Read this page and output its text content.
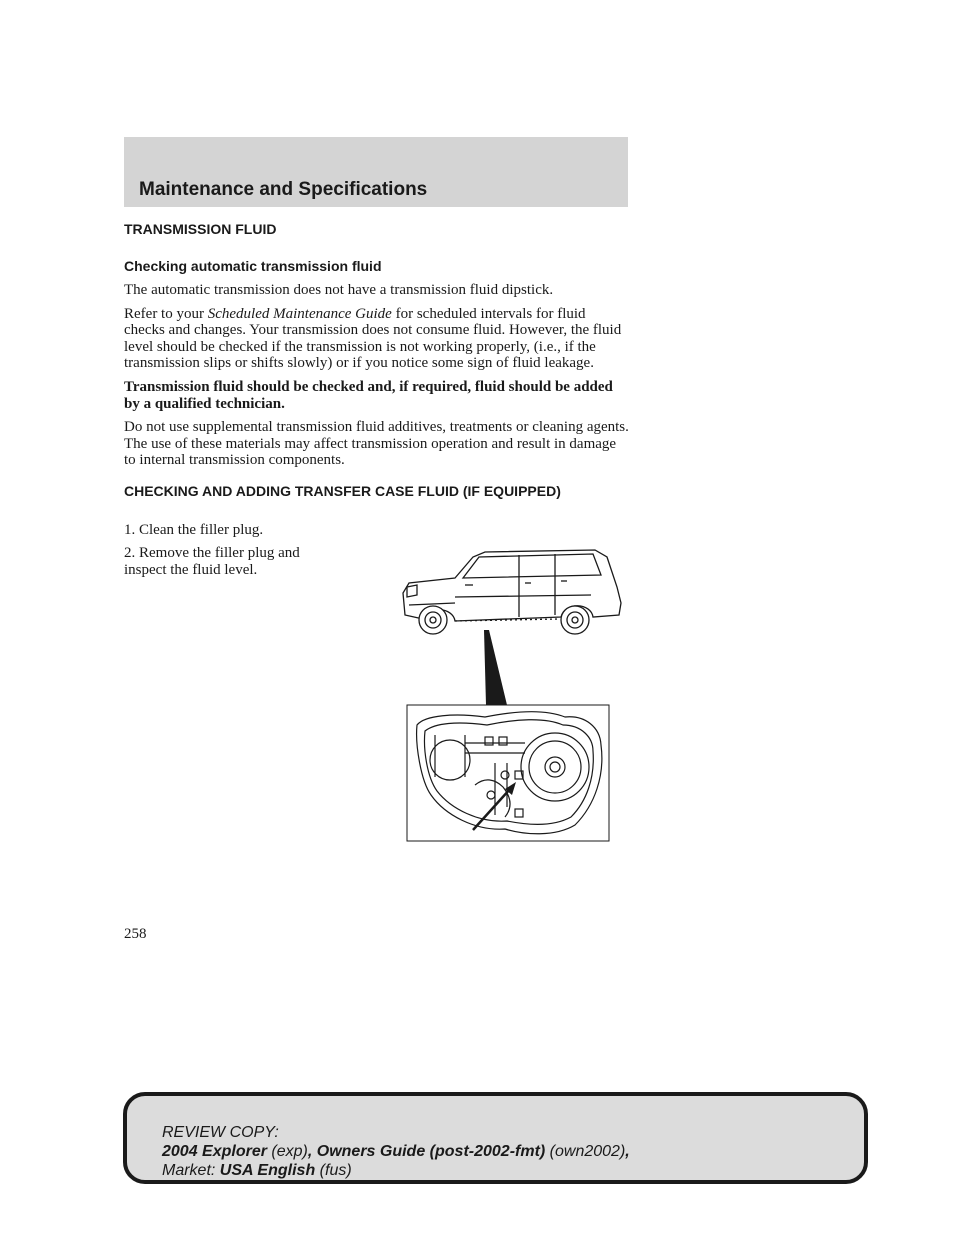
Maintenance and Specifications
TRANSMISSION FLUID
Checking automatic transmission fluid

The automatic transmission does not have a transmission fluid dipstick.

Refer to your Scheduled Maintenance Guide for scheduled intervals for fluid checks and changes. Your transmission does not consume fluid. However, the fluid level should be checked if the transmission is not working properly, (i.e., if the transmission slips or shifts slowly) or if you notice some sign of fluid leakage.

Transmission fluid should be checked and, if required, fluid should be added by a qualified technician.

Do not use supplemental transmission fluid additives, treatments or cleaning agents. The use of these materials may affect transmission operation and result in damage to internal transmission components.

CHECKING AND ADDING TRANSFER CASE FLUID (IF EQUIPPED)
1. Clean the filler plug.
2. Remove the filler plug and inspect the fluid level.
258
REVIEW COPY:
2004 Explorer (exp), Owners Guide (post-2002-fmt) (own2002),
Market: USA English (fus)
